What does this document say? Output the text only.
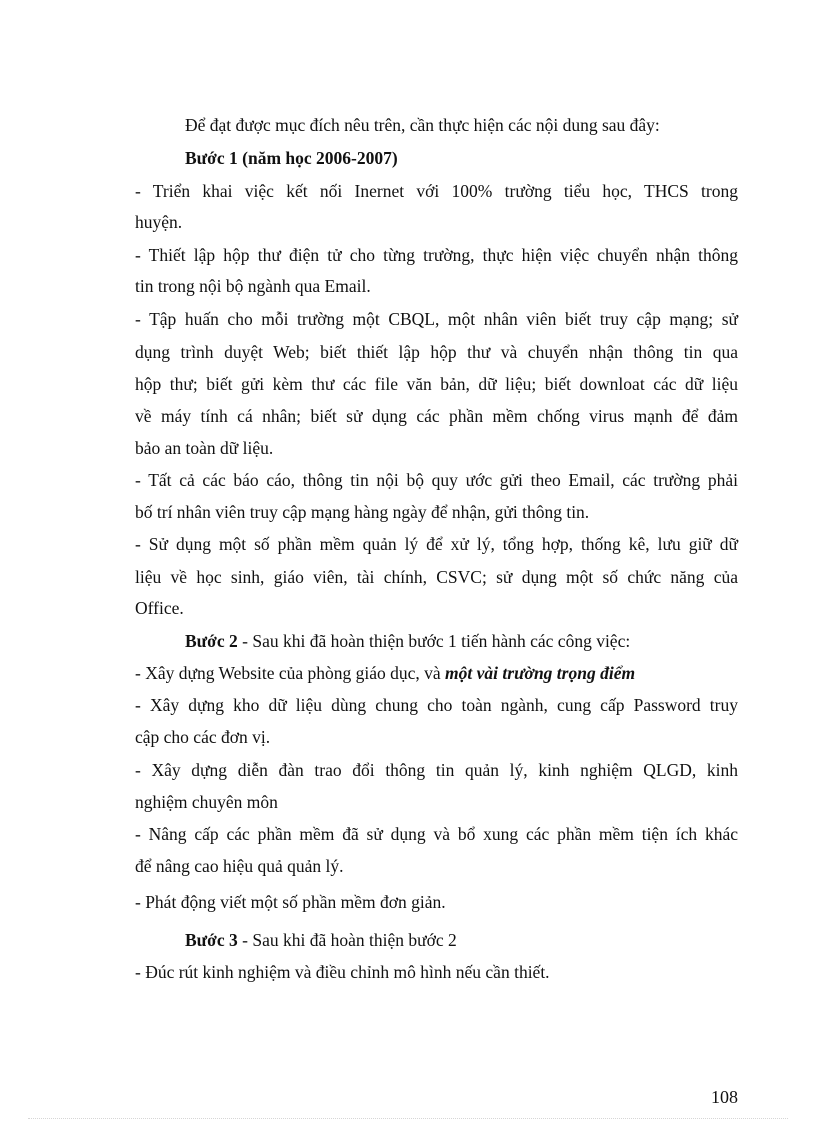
Để đạt được mục đích nêu trên, cần thực hiện các nội dung sau đây:
Bước 1 (năm học 2006-2007)
- Triển khai việc kết nối Inernet với 100% trường tiểu học, THCS trong
huyện.
- Thiết lập hộp thư điện tử cho từng trường, thực hiện việc chuyển nhận thông
tin trong nội bộ ngành qua Email.
- Tập huấn cho mỗi trường một CBQL, một nhân viên biết truy cập mạng; sử
dụng trình duyệt Web; biết thiết lập hộp thư và chuyển nhận thông tin qua
hộp thư; biết gửi kèm thư các file văn bản, dữ liệu; biết downloat các dữ liệu
về máy tính cá nhân; biết sử dụng các phần mềm chống virus mạnh để đảm
bảo an toàn dữ liệu.
- Tất cả các báo cáo, thông tin nội bộ quy ước gửi theo Email, các trường phải
bố trí nhân viên truy cập mạng hàng ngày để nhận, gửi thông tin.
- Sử dụng một số phần mềm quản lý để xử lý, tổng hợp, thống kê, lưu giữ dữ
liệu về học sinh, giáo viên, tài chính, CSVC; sử dụng một số chức năng của
Office.
Bước 2 - Sau khi đã hoàn thiện bước 1 tiến hành các công việc:
- Xây dựng Website của phòng giáo dục, và một vài trường trọng điểm
- Xây dựng kho dữ liệu dùng chung cho toàn ngành, cung cấp Password truy
cập cho các đơn vị.
- Xây dựng diễn đàn trao đổi thông tin quản lý, kinh nghiệm QLGD, kinh
nghiệm chuyên môn
- Nâng cấp các phần mềm đã sử dụng và bổ xung các phần mềm tiện ích khác
để nâng cao hiệu quả quản lý.
- Phát động viết một số phần mềm đơn giản.
Bước 3 - Sau khi đã hoàn thiện bước 2
- Đúc rút kinh nghiệm và điều chỉnh mô hình nếu cần thiết.
108
